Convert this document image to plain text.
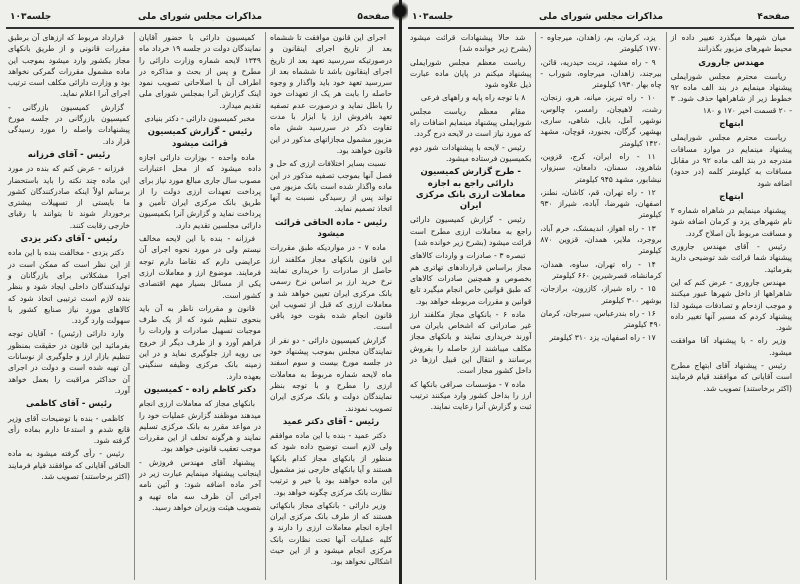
صفحه۵
مذاکرات مجلس شورای ملی
جلسه۱۰۳

اجرای این قانون موافقت تا ششماه بعد از تاریخ اجرای اینقانون و درصورتیکه سررسید تعهد بعد از تاریخ اجرای اینقانون باشد تا ششماه بعد از سررسید تعهد خود باید واگذار و وجوه حاصله را بابت هر یک از تعهدات خود را باطل نماید و درصورت عدم تصفیه تعهد بافروش ارز یا ابزار با مدت تفاوت ذکر در سررسید شش ماه مزبور مشمول مجازاتهای مذکور در این قانون خواهند بود.

نسبت بسایر اختلافات ارزی که حل و فصل آنها بموجب تصفیه مذکور در این ماده واگذار شده است بانک مزبور می تواند پس از رسیدگی نسبت به آنها اتخاذ تصمیم نماید.

رئیس - ماده الحاقی قرائت میشود

ماده ۷ - در مواردیکه طبق مقررات این قانون بانکهای مجاز مکلفند ارز حاصل از صادرات را خریداری نمایند نرخ خرید ارز بر اساس نرخ رسمی بانک مرکزی ایران تعیین خواهد شد و معاملات ارزی که قبل از تصویب این قانون انجام شده بقوت خود باقی است.

گزارش کمیسیون دارائی - دو نفر از نمایندگان مجلس بموجب پیشنهاد خود در جلسه مورخ بیست و سوم اسفند ماه لایحه شماره مربوط به معاملات ارزی را مطرح و با توجه بنظر نمایندگان دولت و بانک مرکزی ایران تصویب نمودند.

رئیس - آقای دکتر عمید

دکتر عمید - بنده با این ماده موافقم ولی لازم است توضیح داده شود که منظور از بانکهای مجاز کدام بانکها هستند و آیا بانکهای خارجی نیز مشمول این ماده خواهند بود یا خیر و ترتیب نظارت بانک مرکزی چگونه خواهد بود.

وزیر دارائی - بانکهای مجاز بانکهائی هستند که از طرف بانک مرکزی ایران اجازه انجام معاملات ارزی را دارند و کلیه عملیات آنها تحت نظارت بانک مرکزی انجام میشود و از این حیث اشکالی نخواهد بود.

کمیسیون دارائی با حضور آقایان نمایندگان دولت در جلسه ۱۹ خرداد ماه ۱۳۴۹ لایحه شماره وزارت دارائی را مطرح و پس از بحث و مذاکره در اطراف آن با اصلاحاتی تصویب نمود اینک گزارش آنرا بمجلس شورای ملی تقدیم میدارد.

مخبر کمیسیون دارائی - دکتر بنیادی

رئیس - گزارش کمیسیون قرائت میشود

ماده واحده - بوزارت دارائی اجازه داده میشود که از محل اعتبارات مصوب سال جاری مبالغ مورد نیاز برای پرداخت تعهدات ارزی دولت را از طریق بانک مرکزی ایران تأمین و پرداخت نماید و گزارش آنرا بکمیسیون دارائی مجلسین تقدیم دارد.

فرزانه - بنده با این لایحه مخالف نیستم ولی در مورد نحوه اجرای آن عرایضی دارم که تقاضا دارم توجه فرمایند. موضوع ارز و معاملات ارزی یکی از مسائل بسیار مهم اقتصادی کشور است.

قانون و مقررات ناظر به آن باید بنحوی تنظیم شود که از یک طرف موجبات تسهیل صادرات و واردات را فراهم آورد و از طرف دیگر از خروج بی رویه ارز جلوگیری نماید و در این زمینه بانک مرکزی وظیفه سنگینی بعهده دارد.

دکتر کاظم زاده - کمیسیون

بانکهای مجاز که معاملات ارزی انجام میدهند موظفند گزارش عملیات خود را در مواعد مقرر به بانک مرکزی تسلیم نمایند و هرگونه تخلف از این مقررات موجب تعقیب قانونی خواهد بود.

پیشنهاد آقای مهندس فروزش - اینجانب پیشنهاد مینمایم عبارت زیر در آخر ماده اضافه شود: و آئین نامه اجرائی آن ظرف سه ماه تهیه و بتصویب هیئت وزیران خواهد رسید.

قرارداد مربوط که ارزهای آن برطبق مقررات قانونی و از طریق بانکهای مجاز بکشور وارد میشود بموجب این ماده مشمول مقررات گمرکی نخواهد بود و وزارت دارائی مکلف است ترتیب اجرای آنرا اعلام نماید.

گزارش کمیسیون بازرگانی - کمیسیون بازرگانی در جلسه مورخ پیشنهادات واصله را مورد رسیدگی قرار داد.

رئیس - آقای فرزانه

فرزانه - عرض کنم که بنده در مورد این ماده چند نکته را باید باستحضار برسانم اولاً اینکه صادرکنندگان کشور ما بایستی از تسهیلات بیشتری برخوردار شوند تا بتوانند با رقبای خارجی رقابت کنند.

رئیس - آقای دکتر یزدی

دکتر یزدی - مخالفت بنده با این ماده از این نظر است که ممکن است در اجرا مشکلاتی برای بازرگانان و تولیدکنندگان داخلی ایجاد شود و بنظر بنده لازم است ترتیبی اتخاذ شود که کالاهای مورد نیاز صنایع کشور با سهولت وارد گردد.

وارد دارائی (رئیس) - آقایان توجه بفرمائید این قانون در حقیقت بمنظور تنظیم بازار ارز و جلوگیری از نوسانات آن تهیه شده است و دولت در اجرای آن حداکثر مراقبت را بعمل خواهد آورد.

رئیس - آقای کاظمی

کاظمی - بنده با توضیحات آقای وزیر قانع شدم و استدعا دارم بماده رأی گرفته شود.

رئیس - رأی گرفته میشود به ماده الحاقی آقایانی که موافقند قیام فرمایند (اکثر برخاستند) تصویب شد.

صفحه۴
مذاکرات مجلس شورای ملی
جلسه۱۰۳

میان شهرها میگذرد تغییر داده از محیط شهرهای مزبور بگذرانند

مهندس جاروری

ریاست محترم مجلس شورایملی پیشنهاد مینمایم در بند الف ماده ۹۲ خطوط زیر از شاهراهها حذف شود. ۳ - ۲۰ قسمت اخیر ۱۷۰ و ۱۸۰

ابتهاج

ریاست محترم مجلس شورایملی پیشنهاد مینمایم در موارد مسافات مندرجه در بند الف ماده ۹۲ در مقابل مسافات به کیلومتر کلمه (در حدود) اضافه شود

ابتهاج

پیشنهاد مینمایم در شاهراه شماره ۲ نام شهرهای یزد و کرمان اضافه شود و مسافت مربوط بآن اصلاح گردد.

رئیس - آقای مهندس جاروری پیشنهاد شما قرائت شد توضیحی دارید بفرمائید.

مهندس جاروری - عرض کنم که این شاهراهها از داخل شهرها عبور میکنند و موجب ازدحام و تصادفات میشود لذا پیشنهاد کردم که مسیر آنها تغییر داده شود.

وزیر راه - با پیشنهاد آقا موافقت میشود.

رئیس - پیشنهاد آقای ابتهاج مطرح است آقایانی که موافقند قیام فرمایند (اکثر برخاستند) تصویب شد.

یزد، کرمان، بم، زاهدان، میرجاوه - ۱۷۷۰ کیلومتر

۹ - راه مشهد، تربت حیدریه، قائن، بیرجند، زاهدان، میرجاوه، شوراب - چاه بهار ۱۹۳۰ کیلومتر

۱۰ - راه تبریز، میانه، هرو، زنجان، رشت، لاهیجان، رامسر، چالوس، نوشهر، آمل، بابل، شاهی، ساری، بهشهر، گرگان، بجنورد، قوچان، مشهد ۱۴۲۰ کیلومتر

۱۱ - راه ایران، کرج، قزوین، شاهرود، سمنان، دامغان، سبزوار، نیشابور، مشهد ۹۴۵ کیلومتر

۱۲ - راه تهران، قم، کاشان، نطنز، اصفهان، شهرضا، آباده، شیراز ۹۳۰ کیلومتر

۱۳ - راه اهواز، اندیمشک، خرم آباد، بروجرد، ملایر، همدان، قزوین ۸۷۰ کیلومتر

۱۴ - راه تهران، ساوه، همدان، کرمانشاه، قصرشیرین ۶۶۰ کیلومتر

۱۵ - راه شیراز، کازرون، برازجان، بوشهر ۳۰۰ کیلومتر

۱۶ - راه بندرعباس، سیرجان، کرمان ۴۹۰ کیلومتر

۱۷ - راه اصفهان، یزد ۳۱۰ کیلومتر

شد حالا پیشنهادات قرائت میشود (بشرح زیر خوانده شد)

ریاست معظم مجلس شورایملی پیشنهاد میکنم در پایان ماده عبارت ذیل علاوه شود

۸ با توجه راه پایه و راههای فرعی

مقام معظم ریاست مجلس شورایملی پیشنهاد مینمایم اضافات راه که مورد نیاز است در لایحه درج گردد.

رئیس - لایحه با پیشنهادات شور دوم بکمیسیون فرستاده میشود.

- طرح گزارش کمیسیون دارائی راجع به اجازه معاملات ارزی بانک مرکزی ایران

رئیس - گزارش کمیسیون دارائی راجع به معاملات ارزی مطرح است قرائت میشود (بشرح زیر خوانده شد)

تبصره ۳ - صادرات و واردات کالاهای مجاز براساس قراردادهای تهاتری هم بخصوص و همچنین صادرات کالاهای که طبق قوانین خاص انجام میگیرد تابع قوانین و مقررات مربوطه خواهد بود.

ماده ۶ - بانکهای مجاز مکلفند ارز غیر صادراتی که اشخاص بایران می آورند خریداری نمایند و بانکهای مجاز مکلف میباشند ارز حاصله را بفروش برسانند و انتقال این قبیل ارزها در داخل کشور مجاز است.

ماده ۷ - مؤسسات صرافی بانکها که ارز را بداخل کشور وارد میکنند ترتیب ثبت و گزارش آنرا رعایت نمایند.
